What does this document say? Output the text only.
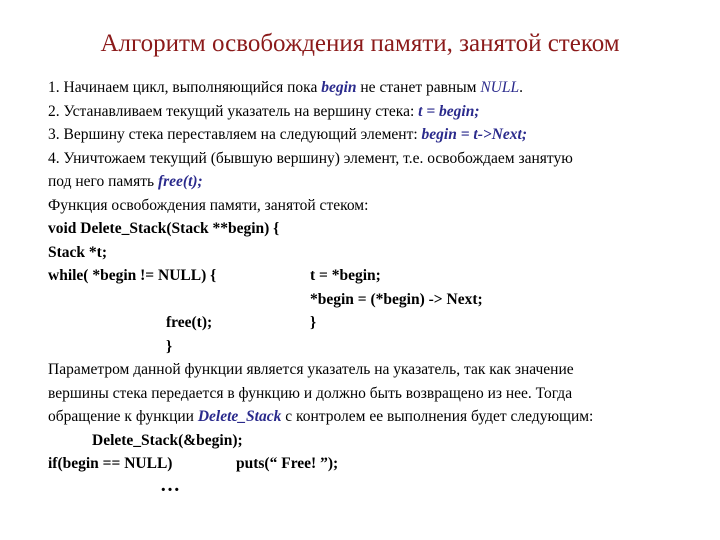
Алгоритм освобождения памяти, занятой стеком
1. Начинаем цикл, выполняющийся пока begin не станет равным NULL.
2. Устанавливаем текущий указатель на вершину стека: t = begin;
3. Вершину стека переставляем на следующий элемент: begin = t->Next;
4. Уничтожаем текущий (бывшую вершину) элемент, т.е. освобождаем занятую
под него память free(t);
Функция освобождения памяти, занятой стеком:
void Delete_Stack(Stack **begin) {
Stack *t;
while( *begin != NULL) {	t = *begin;
*begin = (*begin) -> Next;
free(t);	}
}
Параметром данной функции является указатель на указатель, так как значение
вершины стека передается в функцию и должно быть возвращено из нее. Тогда
обращение к функции Delete_Stack с контролем ее выполнения будет следующим:
Delete_Stack(&begin);
if(begin == NULL)	puts(“ Free! ”);
…
